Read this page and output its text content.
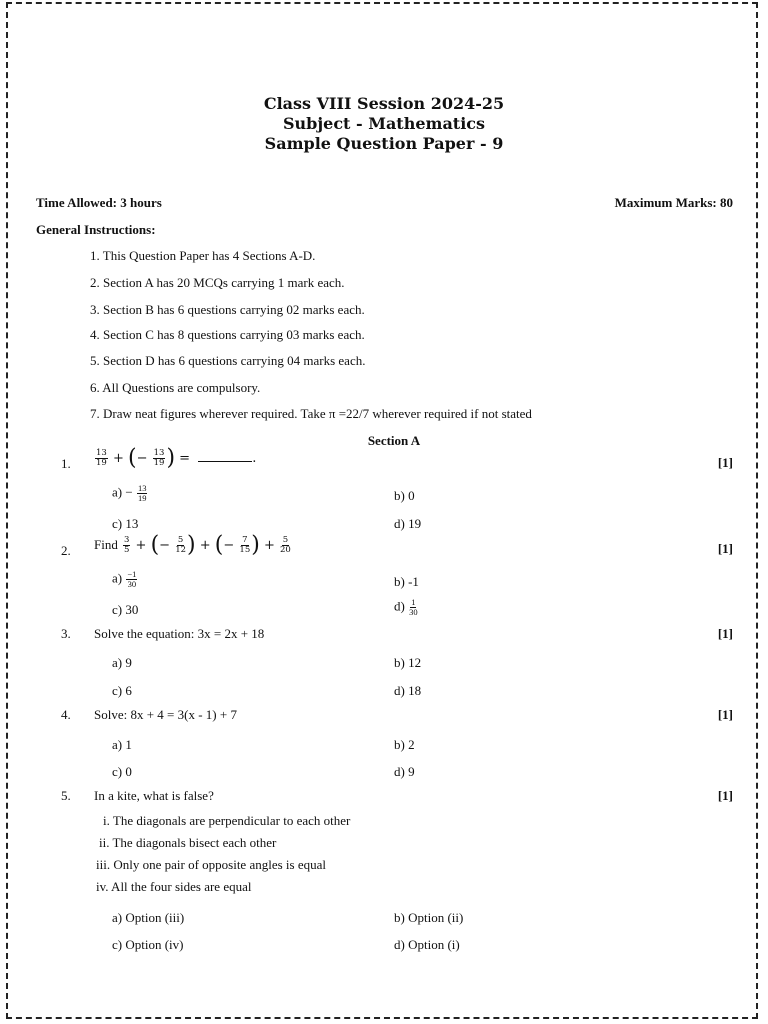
Class VIII Session 2024-25
Subject - Mathematics
Sample Question Paper - 9
Time Allowed: 3 hours	Maximum Marks: 80
General Instructions:
1. This Question Paper has 4 Sections A-D.
2. Section A has 20 MCQs carrying 1 mark each.
3. Section B has 6 questions carrying 02 marks each.
4. Section C has 8 questions carrying 03 marks each.
5. Section D has 6 questions carrying 04 marks each.
6. All Questions are compulsory.
7. Draw neat figures wherever required. Take π =22/7 wherever required if not stated
Section A
1.	$\frac{13}{19}$ + (− $\frac{13}{19}$ ) =	.	[1]
$a) - \frac{13}{19}$	b) 0
c) 13	d) 19
2. Find $\frac{3}{5}$ + (− $\frac{5}{12}$ ) + (− $\frac{7}{15}$ ) + $\frac{5}{20}$	[1]
$a) \frac{-1}{30}$	b) -1
c) 30	$d) \frac{1}{30}$
3. Solve the equation: 3x = 2x + 18	[1]
a) 9	b) 12
c) 6	d) 18
4. Solve: 8x + 4 = 3(x - 1) + 7	[1]
a) 1	b) 2
c) 0	d) 9
5. In a kite, what is false?	[1]
i. The diagonals are perpendicular to each other
ii. The diagonals bisect each other
iii. Only one pair of opposite angles is equal
iv. All the four sides are equal
a) Option (iii)	b) Option (ii)
c) Option (iv)	d) Option (i)
